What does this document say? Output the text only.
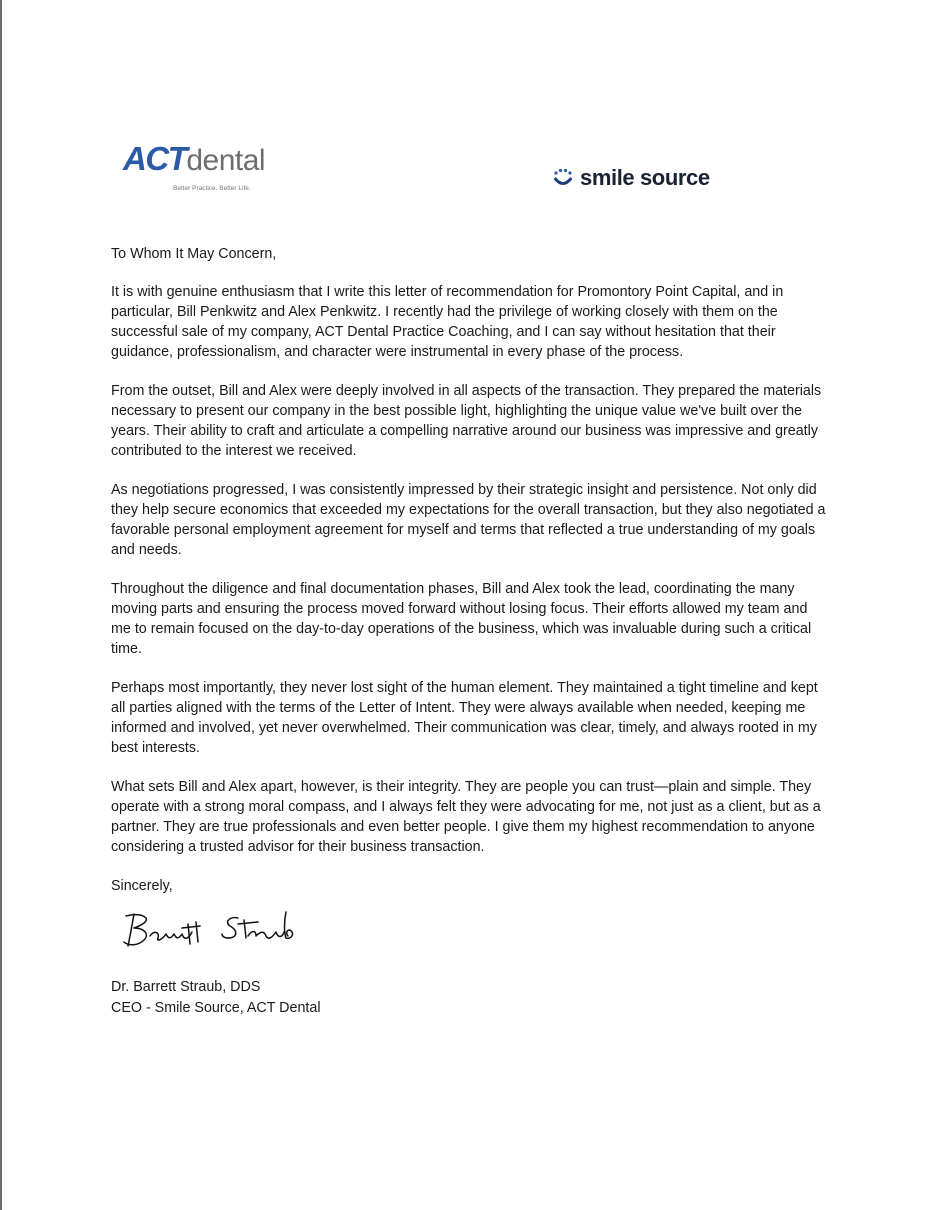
ACTdental
Better Practice. Better Life.	smile source

To Whom It May Concern,

It is with genuine enthusiasm that I write this letter of recommendation for Promontory Point Capital, and in particular, Bill Penkwitz and Alex Penkwitz. I recently had the privilege of working closely with them on the successful sale of my company, ACT Dental Practice Coaching, and I can say without hesitation that their guidance, professionalism, and character were instrumental in every phase of the process.

From the outset, Bill and Alex were deeply involved in all aspects of the transaction. They prepared the materials necessary to present our company in the best possible light, highlighting the unique value we've built over the years. Their ability to craft and articulate a compelling narrative around our business was impressive and greatly contributed to the interest we received.

As negotiations progressed, I was consistently impressed by their strategic insight and persistence. Not only did they help secure economics that exceeded my expectations for the overall transaction, but they also negotiated a favorable personal employment agreement for myself and terms that reflected a true understanding of my goals and needs.

Throughout the diligence and final documentation phases, Bill and Alex took the lead, coordinating the many moving parts and ensuring the process moved forward without losing focus. Their efforts allowed my team and me to remain focused on the day-to-day operations of the business, which was invaluable during such a critical time.

Perhaps most importantly, they never lost sight of the human element. They maintained a tight timeline and kept all parties aligned with the terms of the Letter of Intent. They were always available when needed, keeping me informed and involved, yet never overwhelmed. Their communication was clear, timely, and always rooted in my best interests.

What sets Bill and Alex apart, however, is their integrity. They are people you can trust—plain and simple. They operate with a strong moral compass, and I always felt they were advocating for me, not just as a client, but as a partner. They are true professionals and even better people. I give them my highest recommendation to anyone considering a trusted advisor for their business transaction.

Sincerely,

Dr. Barrett Straub, DDS
CEO - Smile Source, ACT Dental
